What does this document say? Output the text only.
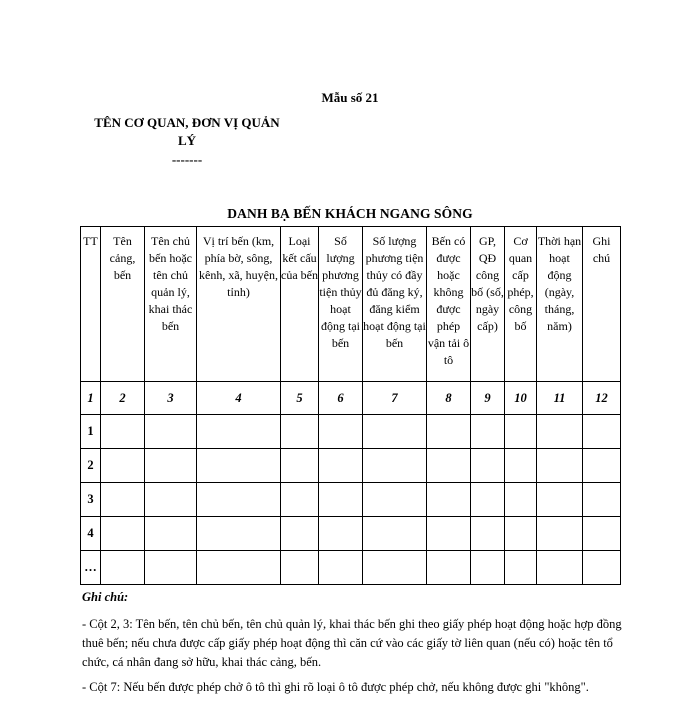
Mẫu số 21
TÊN CƠ QUAN, ĐƠN VỊ QUẢN
LÝ
-------
DANH BẠ BẾN KHÁCH NGANG SÔNG
TT	Tên cảng, bến	Tên chủ bến hoặc tên chủ quản lý, khai thác bến	Vị trí bến (km, phía bờ, sông, kênh, xã, huyện, tỉnh)	Loại kết cấu của bến	Số lượng phương tiện thủy hoạt động tại bến	Số lượng phương tiện thủy có đầy đủ đăng ký, đăng kiểm hoạt động tại bến	Bến có được hoặc không được phép vận tải ô tô	GP, QĐ công bố (số, ngày cấp)	Cơ quan cấp phép, công bố	Thời hạn hoạt động (ngày, tháng, năm)	Ghi chú
1	2	3	4	5	6	7	8	9	10	11	12
1											
2											
3											
4											
…											
Ghi chú:

- Cột 2, 3: Tên bến, tên chủ bến, tên chủ quản lý, khai thác bến ghi theo giấy phép hoạt động hoặc hợp đồng thuê bến; nếu chưa được cấp giấy phép hoạt động thì căn cứ vào các giấy tờ liên quan (nếu có) hoặc tên tổ chức, cá nhân đang sở hữu, khai thác cảng, bến.

- Cột 7: Nếu bến được phép chở ô tô thì ghi rõ loại ô tô được phép chở, nếu không được ghi "không".
